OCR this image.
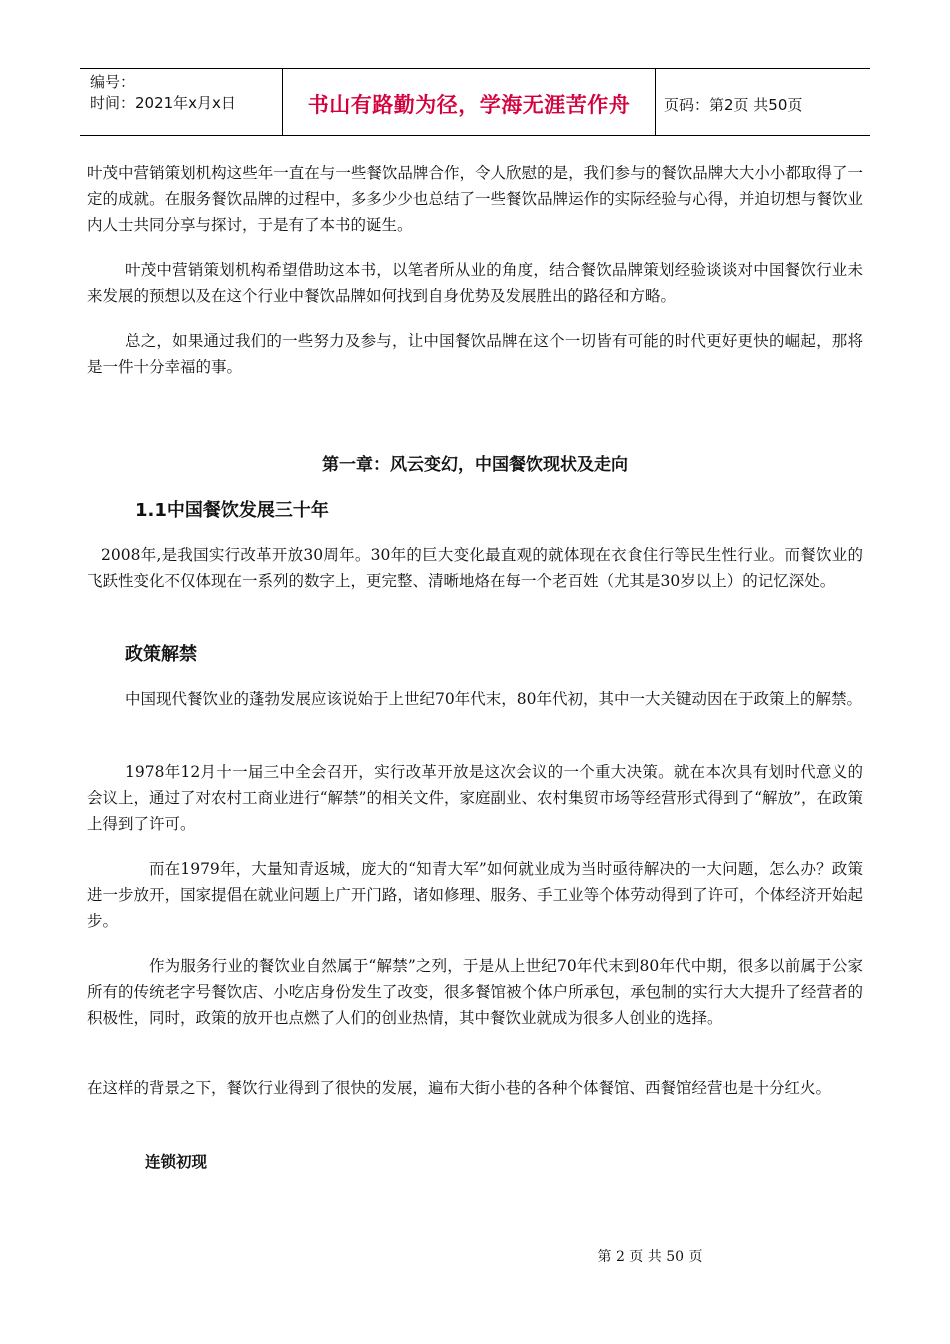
编号：
时间：2021年x月x日	书山有路勤为径，学海无涯苦作舟 页码：第2页 共50页

叶茂中营销策划机构这些年一直在与一些餐饮品牌合作，令人欣慰的是，我们参与的餐饮品牌大大小小都取得了一定的成就。在服务餐饮品牌的过程中，多多少少也总结了一些餐饮品牌运作的实际经验与心得，并迫切想与餐饮业内人士共同分享与探讨，于是有了本书的诞生。

叶茂中营销策划机构希望借助这本书，以笔者所从业的角度，结合餐饮品牌策划经验谈谈对中国餐饮行业未来发展的预想以及在这个行业中餐饮品牌如何找到自身优势及发展胜出的路径和方略。

总之，如果通过我们的一些努力及参与，让中国餐饮品牌在这个一切皆有可能的时代更好更快的崛起，那将是一件十分幸福的事。

第一章：风云变幻，中国餐饮现状及走向
1.1中国餐饮发展三十年

2008年,是我国实行改革开放30周年。30年的巨大变化最直观的就体现在衣食住行等民生性行业。而餐饮业的飞跃性变化不仅体现在一系列的数字上，更完整、清晰地烙在每一个老百姓（尤其是30岁以上）的记忆深处。

政策解禁

中国现代餐饮业的蓬勃发展应该说始于上世纪70年代末，80年代初，其中一大关键动因在于政策上的解禁。

1978年12月十一届三中全会召开，实行改革开放是这次会议的一个重大决策。就在本次具有划时代意义的会议上，通过了对农村工商业进行“解禁”的相关文件，家庭副业、农村集贸市场等经营形式得到了“解放”，在政策上得到了许可。

而在1979年，大量知青返城，庞大的“知青大军”如何就业成为当时亟待解决的一大问题，怎么办？政策进一步放开，国家提倡在就业问题上广开门路，诸如修理、服务、手工业等个体劳动得到了许可，个体经济开始起步。

作为服务行业的餐饮业自然属于“解禁”之列，于是从上世纪70年代末到80年代中期，很多以前属于公家所有的传统老字号餐饮店、小吃店身份发生了改变，很多餐馆被个体户所承包，承包制的实行大大提升了经营者的积极性，同时，政策的放开也点燃了人们的创业热情，其中餐饮业就成为很多人创业的选择。

在这样的背景之下，餐饮行业得到了很快的发展，遍布大街小巷的各种个体餐馆、西餐馆经营也是十分红火。

连锁初现
第 2 页 共 50 页
